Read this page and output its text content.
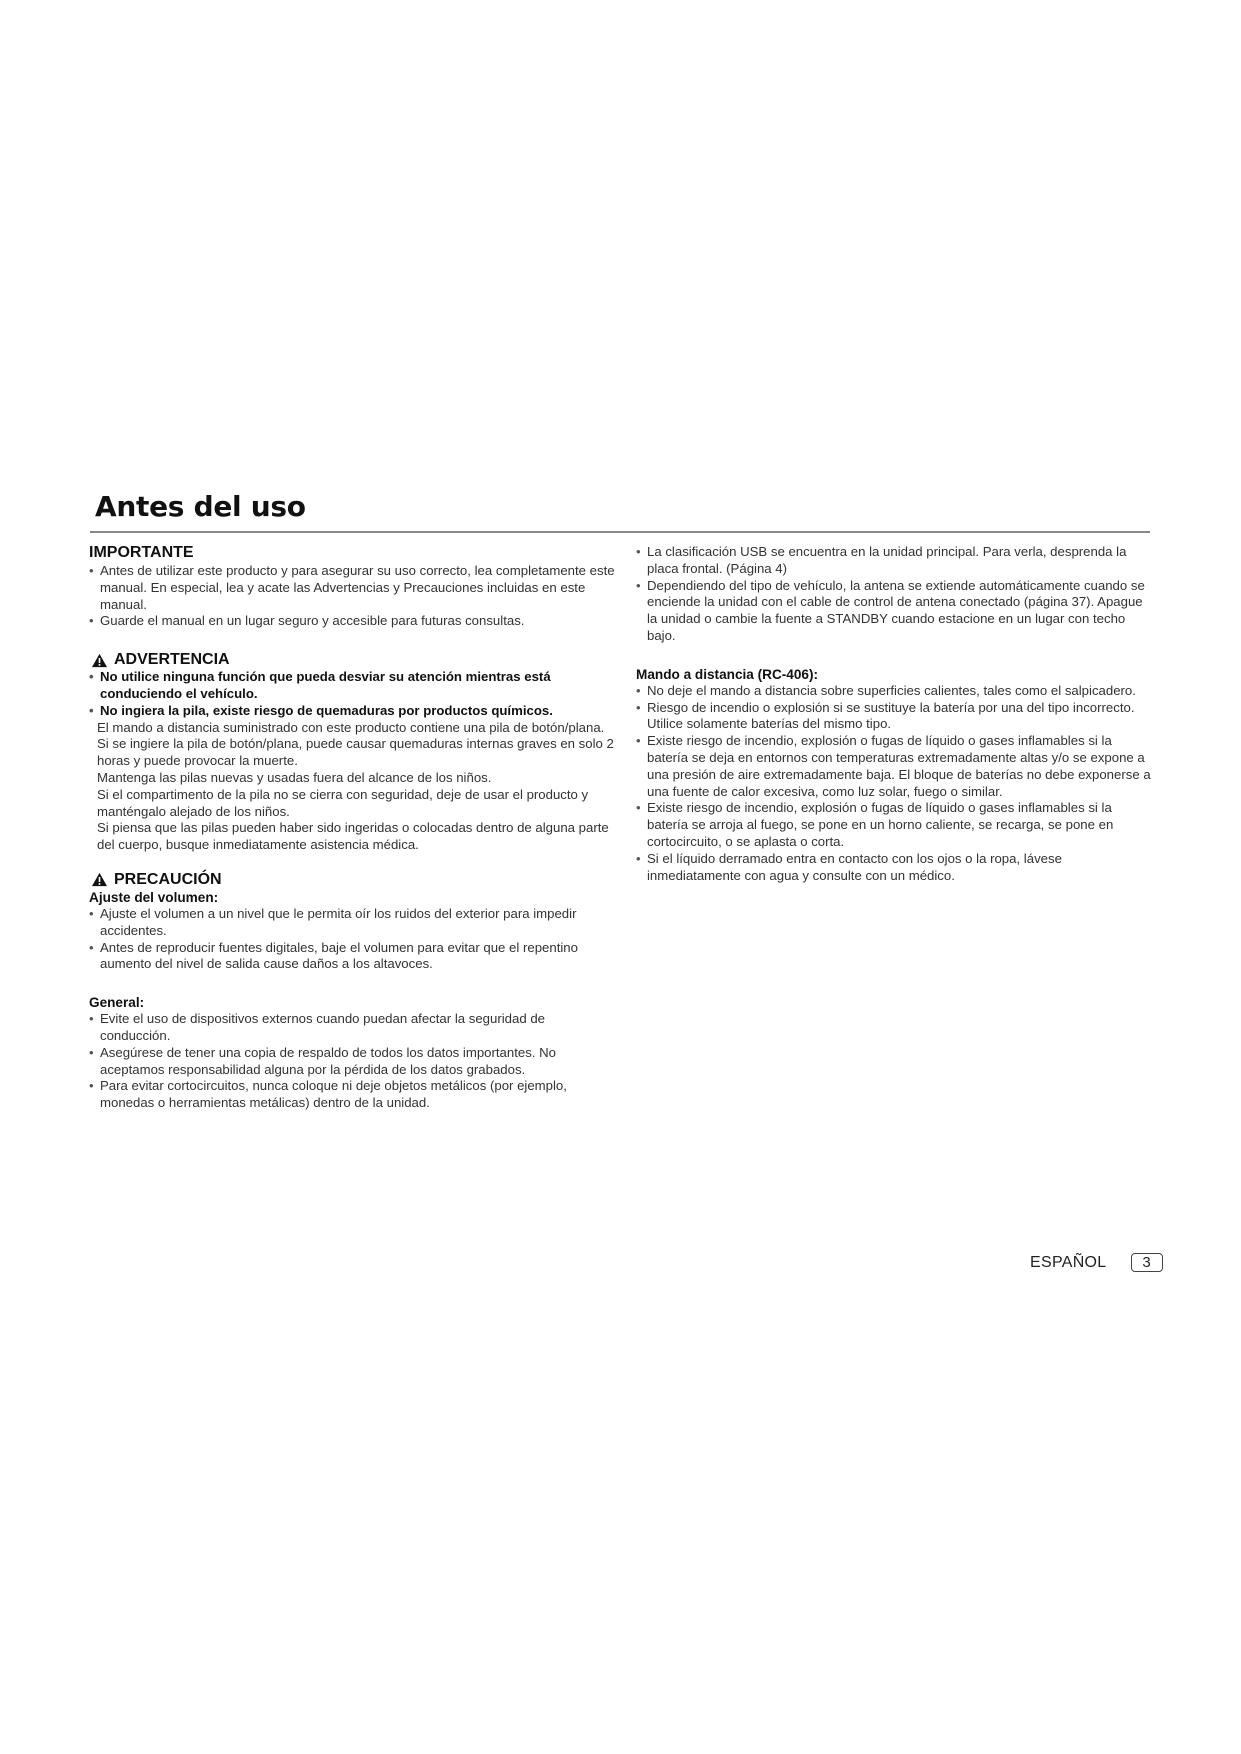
Antes del uso
IMPORTANTE
• Antes de utilizar este producto y para asegurar su uso correcto, lea completamente este manual. En especial, lea y acate las Advertencias y Precauciones incluidas en este manual.
• Guarde el manual en un lugar seguro y accesible para futuras consultas.
ADVERTENCIA
• No utilice ninguna función que pueda desviar su atención mientras está conduciendo el vehículo.
• No ingiera la pila, existe riesgo de quemaduras por productos químicos.
El mando a distancia suministrado con este producto contiene una pila de botón/plana.
Si se ingiere la pila de botón/plana, puede causar quemaduras internas graves en solo 2 horas y puede provocar la muerte.
Mantenga las pilas nuevas y usadas fuera del alcance de los niños.
Si el compartimento de la pila no se cierra con seguridad, deje de usar el producto y manténgalo alejado de los niños.
Si piensa que las pilas pueden haber sido ingeridas o colocadas dentro de alguna parte del cuerpo, busque inmediatamente asistencia médica.
PRECAUCIÓN
Ajuste del volumen:
• Ajuste el volumen a un nivel que le permita oír los ruidos del exterior para impedir accidentes.
• Antes de reproducir fuentes digitales, baje el volumen para evitar que el repentino aumento del nivel de salida cause daños a los altavoces.
General:
• Evite el uso de dispositivos externos cuando puedan afectar la seguridad de conducción.
• Asegúrese de tener una copia de respaldo de todos los datos importantes. No aceptamos responsabilidad alguna por la pérdida de los datos grabados.
• Para evitar cortocircuitos, nunca coloque ni deje objetos metálicos (por ejemplo, monedas o herramientas metálicas) dentro de la unidad.
• La clasificación USB se encuentra en la unidad principal. Para verla, desprenda la placa frontal. (Página 4)
• Dependiendo del tipo de vehículo, la antena se extiende automáticamente cuando se enciende la unidad con el cable de control de antena conectado (página 37). Apague la unidad o cambie la fuente a STANDBY cuando estacione en un lugar con techo bajo.
Mando a distancia (RC-406):
• No deje el mando a distancia sobre superficies calientes, tales como el salpicadero.
• Riesgo de incendio o explosión si se sustituye la batería por una del tipo incorrecto. Utilice solamente baterías del mismo tipo.
• Existe riesgo de incendio, explosión o fugas de líquido o gases inflamables si la batería se deja en entornos con temperaturas extremadamente altas y/o se expone a una presión de aire extremadamente baja. El bloque de baterías no debe exponerse a una fuente de calor excesiva, como luz solar, fuego o similar.
• Existe riesgo de incendio, explosión o fugas de líquido o gases inflamables si la batería se arroja al fuego, se pone en un horno caliente, se recarga, se pone en cortocircuito, o se aplasta o corta.
• Si el líquido derramado entra en contacto con los ojos o la ropa, lávese inmediatamente con agua y consulte con un médico.
ESPAÑOL	3
